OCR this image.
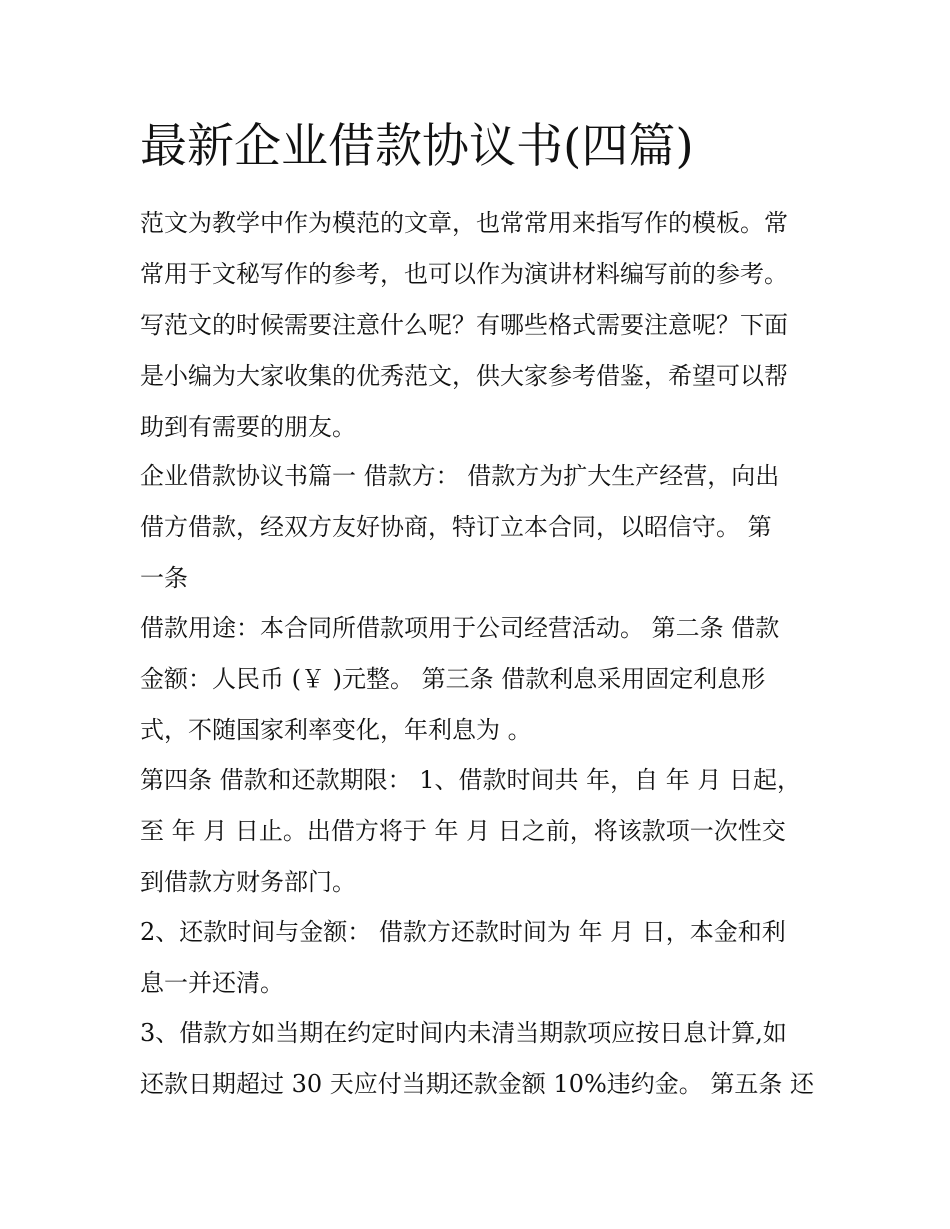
最新企业借款协议书(四篇)
范文为教学中作为模范的文章，也常常用来指写作的模板。常
常用于文秘写作的参考，也可以作为演讲材料编写前的参考。
写范文的时候需要注意什么呢？有哪些格式需要注意呢？下面
是小编为大家收集的优秀范文，供大家参考借鉴，希望可以帮
助到有需要的朋友。
企业借款协议书篇一 借款方： 借款方为扩大生产经营，向出
借方借款，经双方友好协商，特订立本合同，以昭信守。 第
一条
借款用途：本合同所借款项用于公司经营活动。 第二条 借款
金额：人民币 (￥ )元整。 第三条 借款利息采用固定利息形
式，不随国家利率变化，年利息为 。
第四条 借款和还款期限： 1、借款时间共 年，自 年 月 日起，
至 年 月 日止。出借方将于 年 月 日之前，将该款项一次性交
到借款方财务部门。
2、还款时间与金额： 借款方还款时间为 年 月 日，本金和利
息一并还清。
3、借款方如当期在约定时间内未清当期款项应按日息计算,如
还款日期超过 30 天应付当期还款金额 10%违约金。 第五条 还
